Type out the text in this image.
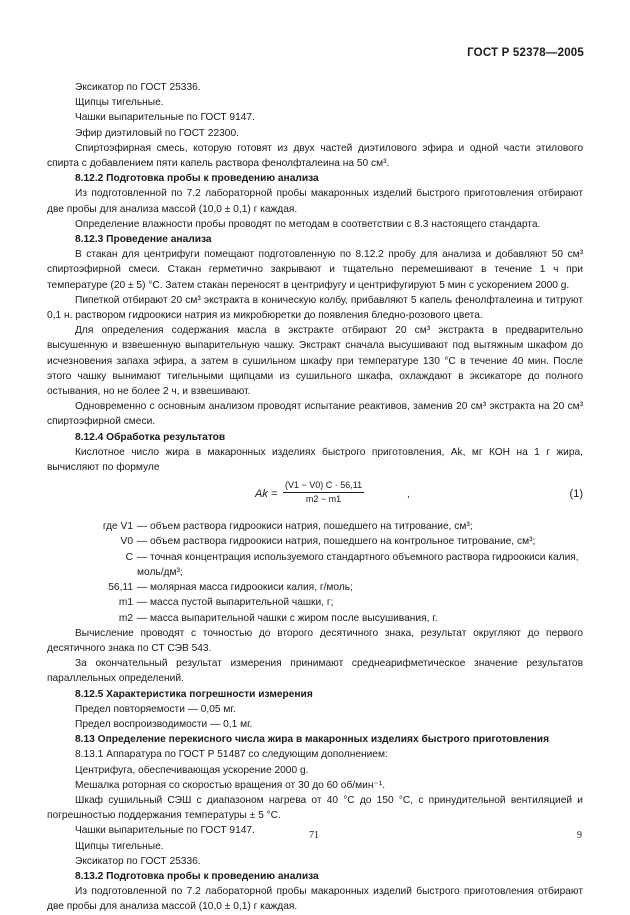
ГОСТ Р 52378—2005

Эксикатор по ГОСТ 25336.

Щипцы тигельные.

Чашки выпарительные по ГОСТ 9147.

Эфир диэтиловый по ГОСТ 22300.

Спиртоэфирная смесь, которую готовят из двух частей диэтилового эфира и одной части этилового спирта с добавлением пяти капель раствора фенолфталеина на 50 см³.

8.12.2 Подготовка пробы к проведению анализа

Из подготовленной по 7.2 лабораторной пробы макаронных изделий быстрого приготовления отбирают две пробы для анализа массой (10,0 ± 0,1) г каждая.

Определение влажности пробы проводят по методам в соответствии с 8.3 настоящего стандарта.

8.12.3 Проведение анализа

В стакан для центрифуги помещают подготовленную по 8.12.2 пробу для анализа и добавляют 50 см³ спиртоэфирной смеси. Стакан герметично закрывают и тщательно перемешивают в течение 1 ч при температуре (20 ± 5) °С. Затем стакан переносят в центрифугу и центрифугируют 5 мин с ускорением 2000 g.

Пипеткой отбирают 20 см³ экстракта в коническую колбу, прибавляют 5 капель фенолфталеина и титруют 0,1 н. раствором гидроокиси натрия из микробюретки до появления бледно-розового цвета.

Для определения содержания масла в экстракте отбирают 20 см³ экстракта в предварительно высушенную и взвешенную выпарительную чашку. Экстракт сначала высушивают под вытяжным шкафом до исчезновения запаха эфира, а затем в сушильном шкафу при температуре 130 °С в течение 40 мин. После этого чашку вынимают тигельными щипцами из сушильного шкафа, охлаждают в эксикаторе до полного остывания, но не более 2 ч, и взвешивают.

Одновременно с основным анализом проводят испытание реактивов, заменив 20 см³ экстракта на 20 см³ спиртоэфирной смеси.

8.12.4 Обработка результатов

Кислотное число жира в макаронных изделиях быстрого приготовления, Ak, мг КОН на 1 г жира, вычисляют по формуле

$Ak = \frac{(V1 - V0) C \cdot 56,11}{m2 - m1}$	,	(1)
где V1 — объем раствора гидроокиси натрия, пошедшего на титрование, см³;
V0 — объем раствора гидроокиси натрия, пошедшего на контрольное титрование, см³;
C — точная концентрация используемого стандартного объемного раствора гидроокиси калия, моль/дм³;
56,11 — молярная масса гидроокиси калия, г/моль;
m1 — масса пустой выпарительной чашки, г;
m2 — масса выпарительной чашки с жиром после высушивания, г.

Вычисление проводят с точностью до второго десятичного знака, результат округляют до первого десятичного знака по СТ СЭВ 543.

За окончательный результат измерения принимают среднеарифметическое значение результатов параллельных определений.

8.12.5 Характеристика погрешности измерения

Предел повторяемости — 0,05 мг.

Предел воспроизводимости — 0,1 мг.

8.13 Определение перекисного числа жира в макаронных изделиях быстрого приготовления

8.13.1 Аппаратура по ГОСТ Р 51487 со следующим дополнением:

Центрифуга, обеспечивающая ускорение 2000 g.

Мешалка роторная со скоростью вращения от 30 до 60 об/мин⁻¹.

Шкаф сушильный СЭШ с диапазоном нагрева от 40 °С до 150 °С, с принудительной вентиляцией и погрешностью поддержания температуры ± 5 °С.

Чашки выпарительные по ГОСТ 9147.

Щипцы тигельные.

Эксикатор по ГОСТ 25336.

8.13.2 Подготовка пробы к проведению анализа

Из подготовленной по 7.2 лабораторной пробы макаронных изделий быстрого приготовления отбирают две пробы для анализа массой (10,0 ± 0,1) г каждая.

71	9
